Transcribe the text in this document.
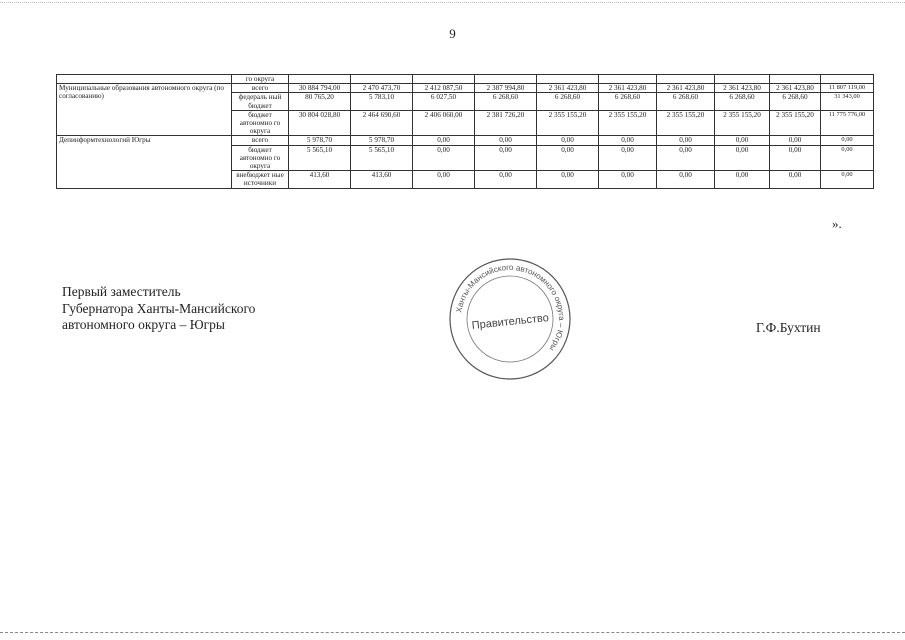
9
	го округа										
Муниципальные образования автономного округа (по согласованию)	всего	30 884 794,00	2 470 473,70	2 412 087,50	2 387 994,80	2 361 423,80	2 361 423,80	2 361 423,80	2 361 423,80	2 361 423,80	11 807 119,00
	федераль ный бюджет	80 765,20	5 783,10	6 027,50	6 268,60	6 268,60	6 268,60	6 268,60	6 268,60	6 268,60	31 343,00
	бюджет автономно го округа	30 804 028,80	2 464 690,60	2 406 060,00	2 381 726,20	2 355 155,20	2 355 155,20	2 355 155,20	2 355 155,20	2 355 155,20	11 775 776,00
Депинформтехнологий Югры	всего	5 978,70	5 978,70	0,00	0,00	0,00	0,00	0,00	0,00	0,00	0,00
	бюджет автономно го округа	5 565,10	5 565,10	0,00	0,00	0,00	0,00	0,00	0,00	0,00	0,00
	внебюджет ные источники	413,60	413,60	0,00	0,00	0,00	0,00	0,00	0,00	0,00	0,00
».
Первый заместитель
Губернатора Ханты-Мансийского
автономного округа – Югры
Ханты-Мансийского автономного округа – Югры
Правительство	Г.Ф.Бухтин
